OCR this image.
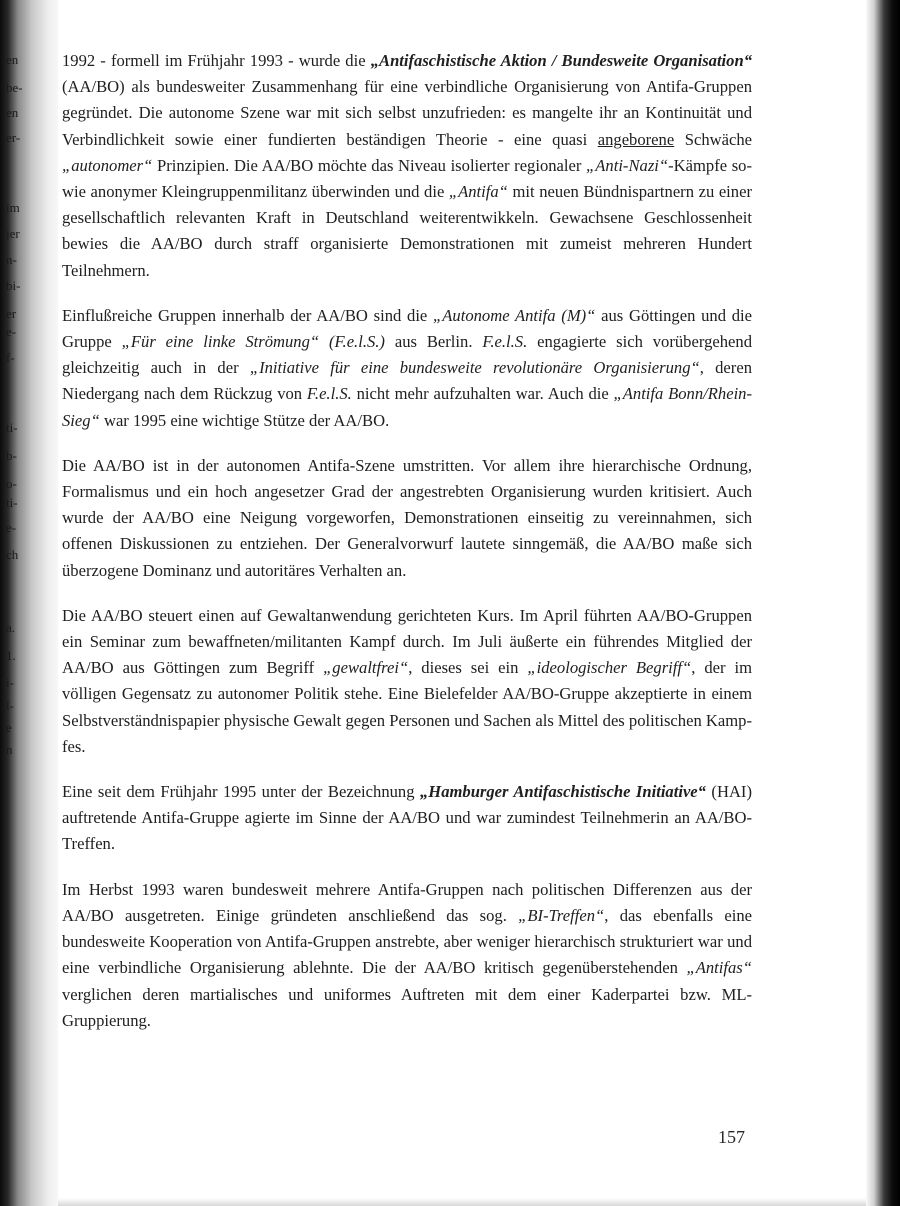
en
be-
en
er-
im
jer
n-
bi-
er
e-
f-
ti-
b-
o-
ti-
e-
ch
a.
1.
i-
l-
e
n

1992 - formell im Frühjahr 1993 - wurde die „Antifaschistische Aktion / Bundesweite Organisation“ (AA/BO) als bundesweiter Zusammenhang für eine verbindliche Organisierung von Antifa-Gruppen gegründet. Die autonome Szene war mit sich selbst unzufrieden: es mangelte ihr an Kontinuität und Verbindlichkeit sowie einer fundierten beständigen Theorie - eine quasi angeborene Schwäche „autonomer“ Prinzipien. Die AA/BO möchte das Niveau isolierter regionaler „Anti-Nazi“-Kämpfe sowie anonymer Kleingruppenmilitanz überwinden und die „Antifa“ mit neuen Bündnispartnern zu einer gesellschaftlich relevanten Kraft in Deutschland weiterentwikkeln. Gewachsene Geschlossenheit bewies die AA/BO durch straff organisierte Demonstrationen mit zumeist mehreren Hundert Teilnehmern.

Einflußreiche Gruppen innerhalb der AA/BO sind die „Autonome Antifa (M)“ aus Göttingen und die Gruppe „Für eine linke Strömung“ (F.e.l.S.) aus Berlin. F.e.l.S. engagierte sich vorübergehend gleichzeitig auch in der „Initiative für eine bundesweite revolutionäre Organisierung“, deren Niedergang nach dem Rückzug von F.e.l.S. nicht mehr aufzuhalten war. Auch die „Antifa Bonn/Rhein-Sieg“ war 1995 eine wichtige Stütze der AA/BO.

Die AA/BO ist in der autonomen Antifa-Szene umstritten. Vor allem ihre hierarchische Ordnung, Formalismus und ein hoch angesetzer Grad der angestrebten Organisierung wurden kritisiert. Auch wurde der AA/BO eine Neigung vorgeworfen, Demonstrationen einseitig zu vereinnahmen, sich offenen Diskussionen zu entziehen. Der Generalvorwurf lautete sinngemäß, die AA/BO maße sich überzogene Dominanz und autoritäres Verhalten an.

Die AA/BO steuert einen auf Gewaltanwendung gerichteten Kurs. Im April führten AA/BO-Gruppen ein Seminar zum bewaffneten/militanten Kampf durch. Im Juli äußerte ein führendes Mitglied der AA/BO aus Göttingen zum Begriff „gewaltfrei“, dieses sei ein „ideologischer Begriff“, der im völligen Gegensatz zu autonomer Politik stehe. Eine Bielefelder AA/BO-Gruppe akzeptierte in einem Selbstverständnispapier physische Gewalt gegen Personen und Sachen als Mittel des politischen Kampfes.

Eine seit dem Frühjahr 1995 unter der Bezeichnung „Hamburger Antifaschistische Initiative“ (HAI) auftretende Antifa-Gruppe agierte im Sinne der AA/BO und war zumindest Teilnehmerin an AA/BO-Treffen.

Im Herbst 1993 waren bundesweit mehrere Antifa-Gruppen nach politischen Differenzen aus der AA/BO ausgetreten. Einige gründeten anschließend das sog. „BI-Treffen“, das ebenfalls eine bundesweite Kooperation von Antifa-Gruppen anstrebte, aber weniger hierarchisch strukturiert war und eine verbindliche Organisierung ablehnte. Die der AA/BO kritisch gegenüberstehenden „Antifas“ verglichen deren martialisches und uniformes Auftreten mit dem einer Kaderpartei bzw. ML-Gruppierung.

157
